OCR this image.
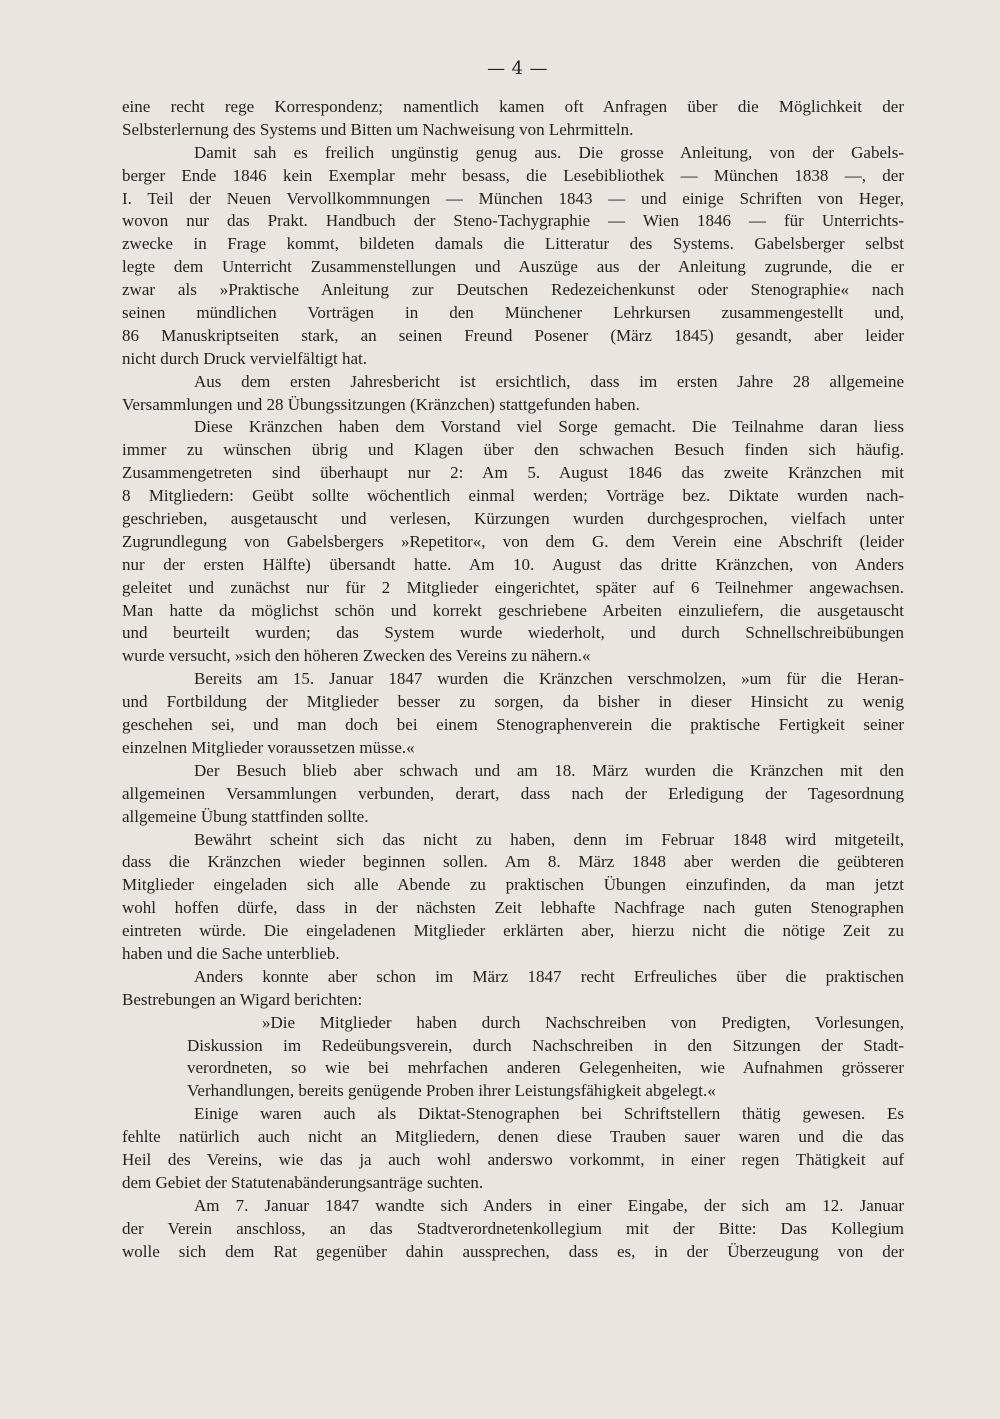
— 4 —
eine recht rege Korrespondenz; namentlich kamen oft Anfragen über die Möglichkeit der
Selbsterlernung des Systems und Bitten um Nachweisung von Lehrmitteln.
Damit sah es freilich ungünstig genug aus. Die grosse Anleitung, von der Gabels-
berger Ende 1846 kein Exemplar mehr besass, die Lesebibliothek — München 1838 —, der
I. Teil der Neuen Vervollkommnungen — München 1843 — und einige Schriften von Heger,
wovon nur das Prakt. Handbuch der Steno-Tachygraphie — Wien 1846 — für Unterrichts-
zwecke in Frage kommt, bildeten damals die Litteratur des Systems. Gabelsberger selbst
legte dem Unterricht Zusammenstellungen und Auszüge aus der Anleitung zugrunde, die er
zwar als »Praktische Anleitung zur Deutschen Redezeichenkunst oder Stenographie« nach
seinen mündlichen Vorträgen in den Münchener Lehrkursen zusammengestellt und,
86 Manuskriptseiten stark, an seinen Freund Posener (März 1845) gesandt, aber leider
nicht durch Druck vervielfältigt hat.
Aus dem ersten Jahresbericht ist ersichtlich, dass im ersten Jahre 28 allgemeine
Versammlungen und 28 Übungssitzungen (Kränzchen) stattgefunden haben.
Diese Kränzchen haben dem Vorstand viel Sorge gemacht. Die Teilnahme daran liess
immer zu wünschen übrig und Klagen über den schwachen Besuch finden sich häufig.
Zusammengetreten sind überhaupt nur 2: Am 5. August 1846 das zweite Kränzchen mit
8 Mitgliedern: Geübt sollte wöchentlich einmal werden; Vorträge bez. Diktate wurden nach-
geschrieben, ausgetauscht und verlesen, Kürzungen wurden durchgesprochen, vielfach unter
Zugrundlegung von Gabelsbergers »Repetitor«, von dem G. dem Verein eine Abschrift (leider
nur der ersten Hälfte) übersandt hatte. Am 10. August das dritte Kränzchen, von Anders
geleitet und zunächst nur für 2 Mitglieder eingerichtet, später auf 6 Teilnehmer angewachsen.
Man hatte da möglichst schön und korrekt geschriebene Arbeiten einzuliefern, die ausgetauscht
und beurteilt wurden; das System wurde wiederholt, und durch Schnellschreibübungen
wurde versucht, »sich den höheren Zwecken des Vereins zu nähern.«
Bereits am 15. Januar 1847 wurden die Kränzchen verschmolzen, »um für die Heran-
und Fortbildung der Mitglieder besser zu sorgen, da bisher in dieser Hinsicht zu wenig
geschehen sei, und man doch bei einem Stenographenverein die praktische Fertigkeit seiner
einzelnen Mitglieder voraussetzen müsse.«
Der Besuch blieb aber schwach und am 18. März wurden die Kränzchen mit den
allgemeinen Versammlungen verbunden, derart, dass nach der Erledigung der Tagesordnung
allgemeine Übung stattfinden sollte.
Bewährt scheint sich das nicht zu haben, denn im Februar 1848 wird mitgeteilt,
dass die Kränzchen wieder beginnen sollen. Am 8. März 1848 aber werden die geübteren
Mitglieder eingeladen sich alle Abende zu praktischen Übungen einzufinden, da man jetzt
wohl hoffen dürfe, dass in der nächsten Zeit lebhafte Nachfrage nach guten Stenographen
eintreten würde. Die eingeladenen Mitglieder erklärten aber, hierzu nicht die nötige Zeit zu
haben und die Sache unterblieb.
Anders konnte aber schon im März 1847 recht Erfreuliches über die praktischen
Bestrebungen an Wigard berichten:
»Die Mitglieder haben durch Nachschreiben von Predigten, Vorlesungen,
Diskussion im Redeübungsverein, durch Nachschreiben in den Sitzungen der Stadt-
verordneten, so wie bei mehrfachen anderen Gelegenheiten, wie Aufnahmen grösserer
Verhandlungen, bereits genügende Proben ihrer Leistungsfähigkeit abgelegt.«
Einige waren auch als Diktat-Stenographen bei Schriftstellern thätig gewesen. Es
fehlte natürlich auch nicht an Mitgliedern, denen diese Trauben sauer waren und die das
Heil des Vereins, wie das ja auch wohl anderswo vorkommt, in einer regen Thätigkeit auf
dem Gebiet der Statutenabänderungsanträge suchten.
Am 7. Januar 1847 wandte sich Anders in einer Eingabe, der sich am 12. Januar
der Verein anschloss, an das Stadtverordnetenkollegium mit der Bitte: Das Kollegium
wolle sich dem Rat gegenüber dahin aussprechen, dass es, in der Überzeugung von der
